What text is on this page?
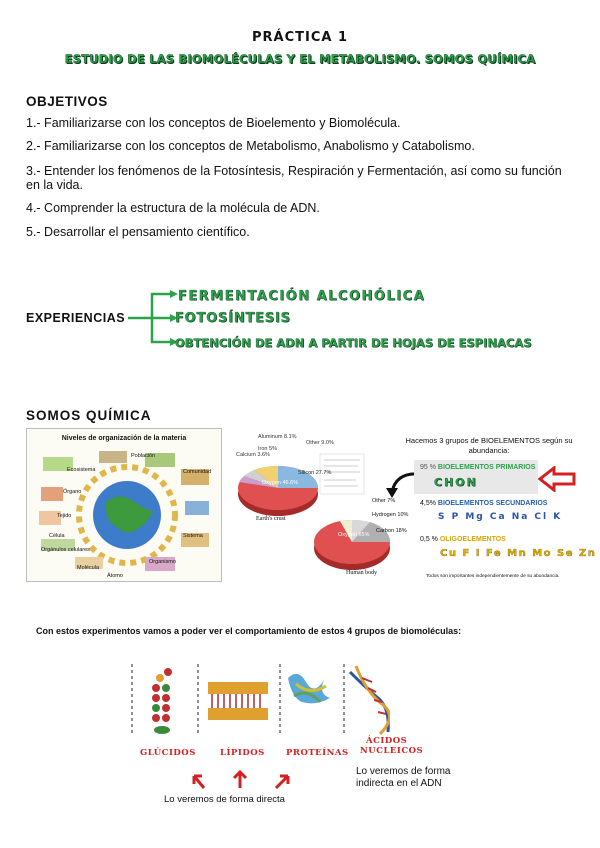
PRÁCTICA 1
ESTUDIO DE LAS BIOMOLÉCULAS Y EL METABOLISMO. SOMOS QUÍMICA
OBJETIVOS
1.- Familiarizarse con los conceptos de Bioelemento y Biomolécula.
2.- Familiarizarse con los conceptos de Metabolismo, Anabolismo y Catabolismo.
3.- Entender los fenómenos de la Fotosíntesis, Respiración y Fermentación, así como su función
en la vida.
4.- Comprender la estructura de la molécula de ADN.
5.- Desarrollar el pensamiento científico.
EXPERIENCIAS
FERMENTACIÓN ALCOHÓLICA
FOTOSÍNTESIS
OBTENCIÓN DE ADN A PARTIR DE HOJAS DE ESPINACAS
SOMOS QUÍMICA
Niveles de organización de la materia
Ecosistema
Población
Comunidad
Órgano
Tejido
Célula
Orgánulos celulares
Molécula
Átomo
Organismo
Sistema
Aluminum 8.1%
Other 9.0%
Iron 5%
Calcium 3.6%
Silicon 27.7%
Oxygen 46.6%
Earth's crust
Other 7%
Hydrogen 10%
Carbon 18%
Oxygen 65%
Human body
Hacemos 3 grupos de BIOELEMENTOS según su abundancia:
95 % BIOELEMENTOS PRIMARIOS
CHON
4,5% BIOELEMENTOS SECUNDARIOS
S P Mg Ca Na Cl K
0,5 % OLIGOELEMENTOS
Cu F I Fe Mn Mo Se Zn
Todos son importantes independientemente de su abundancia.
Con estos experimentos vamos a poder ver el comportamiento de estos 4 grupos de biomoléculas:
GLÚCIDOS	LÍPIDOS	PROTEÍNAS
ÁCIDOS
NUCLEICOS
Lo veremos de forma directa
Lo veremos de forma
indirecta en el ADN
